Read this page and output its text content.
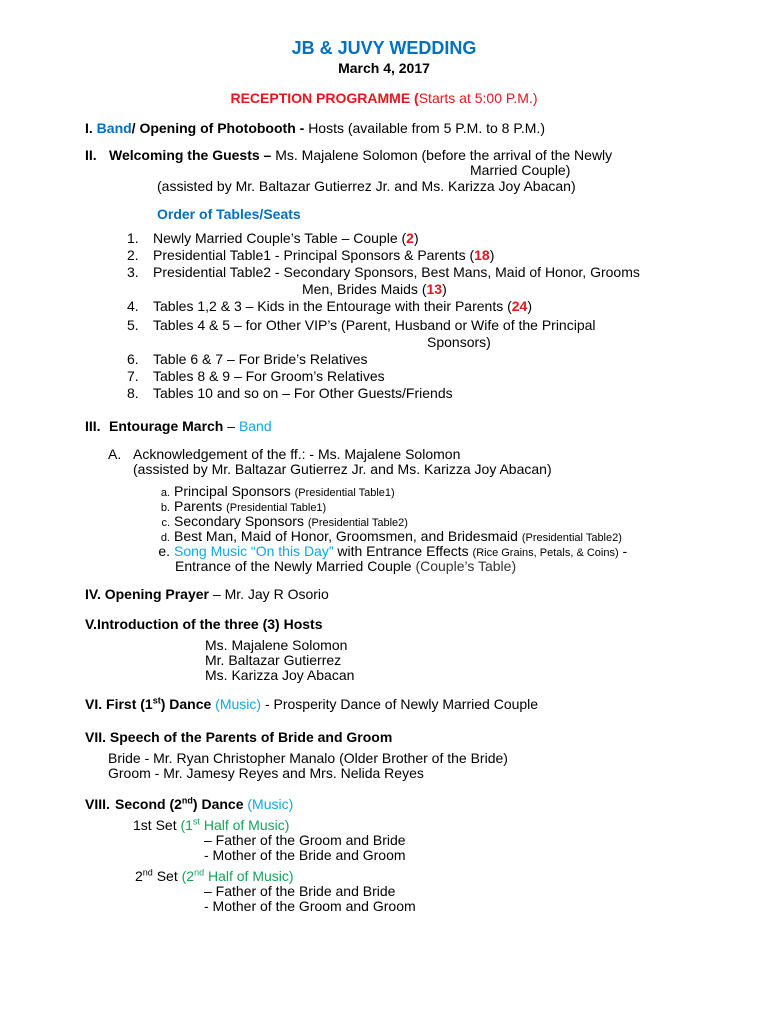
JB & JUVY WEDDING
March 4, 2017
RECEPTION PROGRAMME (Starts at 5:00 P.M.)
I. Band/ Opening of Photobooth - Hosts (available from 5 P.M. to 8 P.M.)
II. Welcoming the Guests – Ms. Majalene Solomon (before the arrival of the Newly
Married Couple)
(assisted by Mr. Baltazar Gutierrez Jr. and Ms. Karizza Joy Abacan)
Order of Tables/Seats
1. Newly Married Couple’s Table – Couple (2)
2. Presidential Table1 - Principal Sponsors & Parents (18)
3. Presidential Table2 - Secondary Sponsors, Best Mans, Maid of Honor, Grooms
Men, Brides Maids (13)
4. Tables 1,2 & 3 – Kids in the Entourage with their Parents (24)
5. Tables 4 & 5 – for Other VIP’s (Parent, Husband or Wife of the Principal
Sponsors)
6. Table 6 & 7 – For Bride’s Relatives
7. Tables 8 & 9 – For Groom’s Relatives
8. Tables 10 and so on – For Other Guests/Friends
III. Entourage March – Band
A. Acknowledgement of the ff.: - Ms. Majalene Solomon
(assisted by Mr. Baltazar Gutierrez Jr. and Ms. Karizza Joy Abacan)
a. Principal Sponsors (Presidential Table1)
b. Parents (Presidential Table1)
c. Secondary Sponsors (Presidential Table2)
d. Best Man, Maid of Honor, Groomsmen, and Bridesmaid (Presidential Table2)
e. Song Music “On this Day” with Entrance Effects (Rice Grains, Petals, & Coins) -
Entrance of the Newly Married Couple (Couple’s Table)
IV. Opening Prayer – Mr. Jay R Osorio
V.Introduction of the three (3) Hosts
Ms. Majalene Solomon
Mr. Baltazar Gutierrez
Ms. Karizza Joy Abacan
VI. First (1st) Dance (Music) - Prosperity Dance of Newly Married Couple
VII. Speech of the Parents of Bride and Groom
Bride - Mr. Ryan Christopher Manalo (Older Brother of the Bride)
Groom - Mr. Jamesy Reyes and Mrs. Nelida Reyes
VIII. Second (2nd) Dance (Music)
1st Set (1st Half of Music)
– Father of the Groom and Bride
- Mother of the Bride and Groom
2nd Set (2nd Half of Music)
– Father of the Bride and Bride
- Mother of the Groom and Groom
